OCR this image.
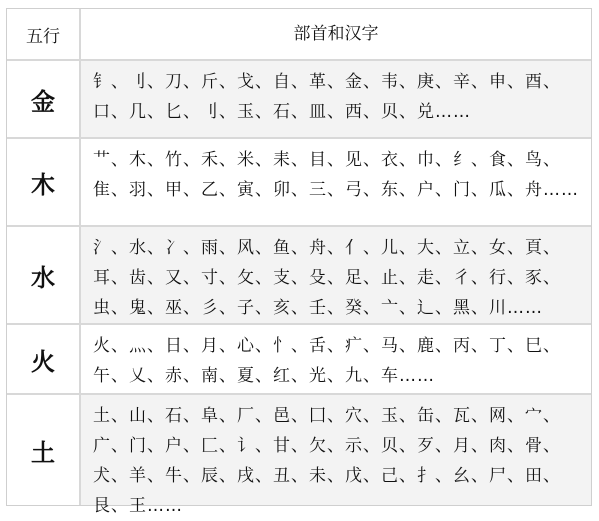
五行	部首和汉字
金
钅、刂、刀、斤、戈、自、革、金、韦、庚、辛、申、酉、口、几、匕、刂、玉、石、皿、西、贝、兑……
木
艹、木、竹、禾、米、耒、目、见、衣、巾、纟、食、鸟、隹、羽、甲、乙、寅、卯、三、弓、东、户、门、瓜、舟……
水
氵、水、冫、雨、风、鱼、舟、亻、儿、大、立、女、頁、耳、齿、又、寸、攵、支、殳、足、止、走、彳、行、豕、虫、鬼、巫、彡、子、亥、壬、癸、亠、辶、黑、川……
火
火、灬、日、月、心、忄、舌、疒、马、鹿、丙、丁、巳、午、乂、赤、南、夏、红、光、九、车……
土
土、山、石、阜、厂、邑、囗、穴、玉、缶、瓦、网、宀、广、门、户、匚、讠、甘、欠、示、贝、歹、月、肉、骨、犬、羊、牛、辰、戌、丑、未、戊、己、扌、幺、尸、田、艮、王……
